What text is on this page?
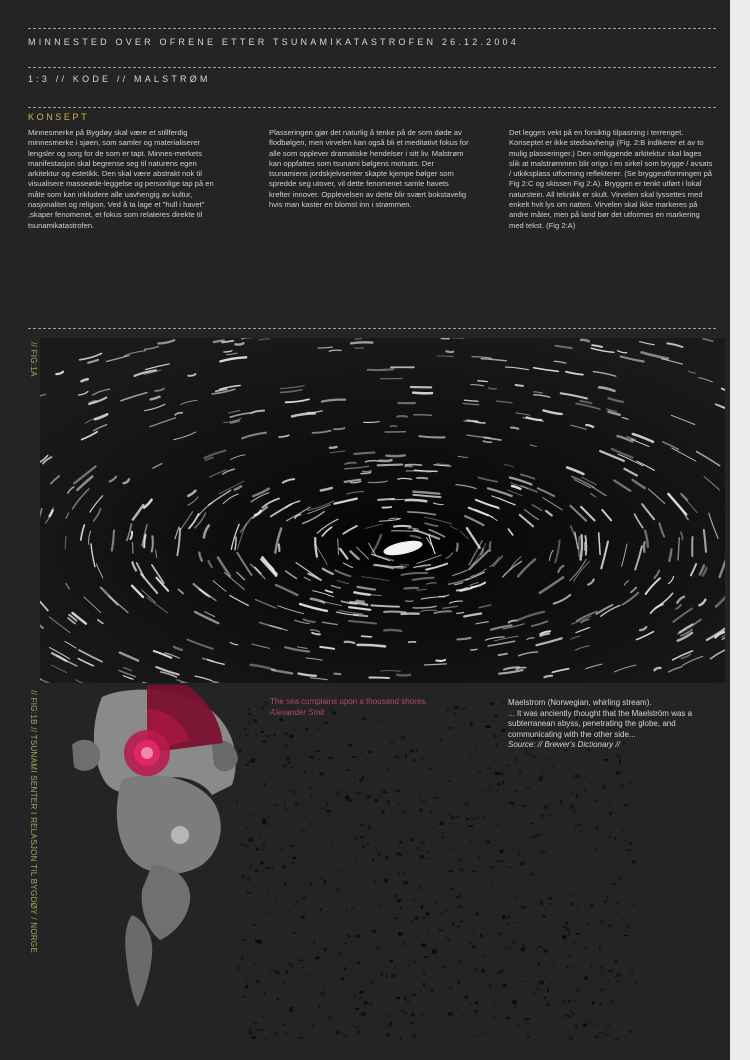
MINNESTED OVER OFRENE ETTER TSUNAMIKATASTROFEN 26.12.2004
1:3 // KODE // MALSTRØM
KONSEPT

Minnesmerke på Bygdøy skal være et stillferdig minnesmerke i sjøen, som samler og materialiserer lengsler og sorg for de som er tapt. Minnes-merkets manifestasjon skal begrense seg til naturens egen arkitektur og estetikk. Den skal være abstrakt nok til visualisere masseøde-leggelse og personlige tap på en måte som kan inkludere alle uavhengig av kultur, nasjonalitet og religion. Ved å ta lage et "hull i havet" ,skaper fenomenet, et fokus som relateres direkte til tsunamikatastrofen.

Plasseringen gjør det naturlig å tenke på de som døde av flodbølgen, men virvelen kan også bli et meditativt fokus for alle som opplever dramatiske hendelser i sitt liv. Malstrøm kan oppfattes som tsunami bølgens motsats. Der tsunamiens jordskjelvsenter skapte kjempe bølger som spredde seg utover, vil dette fenomenet samle havets krefter innover. Opplevelsen av dette blir svært bokstavelig hvis man kaster en blomst inn i strømmen.

Det legges vekt på en forsiktig tilpasning i terrenget. Konseptet er ikke stedsavhengi (Fig. 2:B indikerer et av to mulig plasseringer.) Den omliggende arkitektur skal lages slik at malstrømmen blir origo i en sirkel som brygge / avsats / utkiksplass utforming reflekterer. (Se bryggeutformingen på Fig 2:C og skissen Fig 2:A). Bryggen er tenkt utført i lokal naturstein. All teknikk er skult. Virvelen skal lyssettes med enkelt hvit lys om natten. Virvelen skal ikke markeres på andre måter, men på land bør det utformes en markering med tekst. (Fig 2:A)

// FIG:1A
// FIG:1B // TSUNAMI SENTER I RELASJON TIL BYGDØY / NORGE	The sea complains upon a thousand shores.
Alexander Smit
Maelstrom (Norwegian, whirling stream).
... It was anciently thought that the Maelström was a subterranean abyss, penetrating the globe, and communicating with the other side...
Source: // Brewer's Dictionary //
